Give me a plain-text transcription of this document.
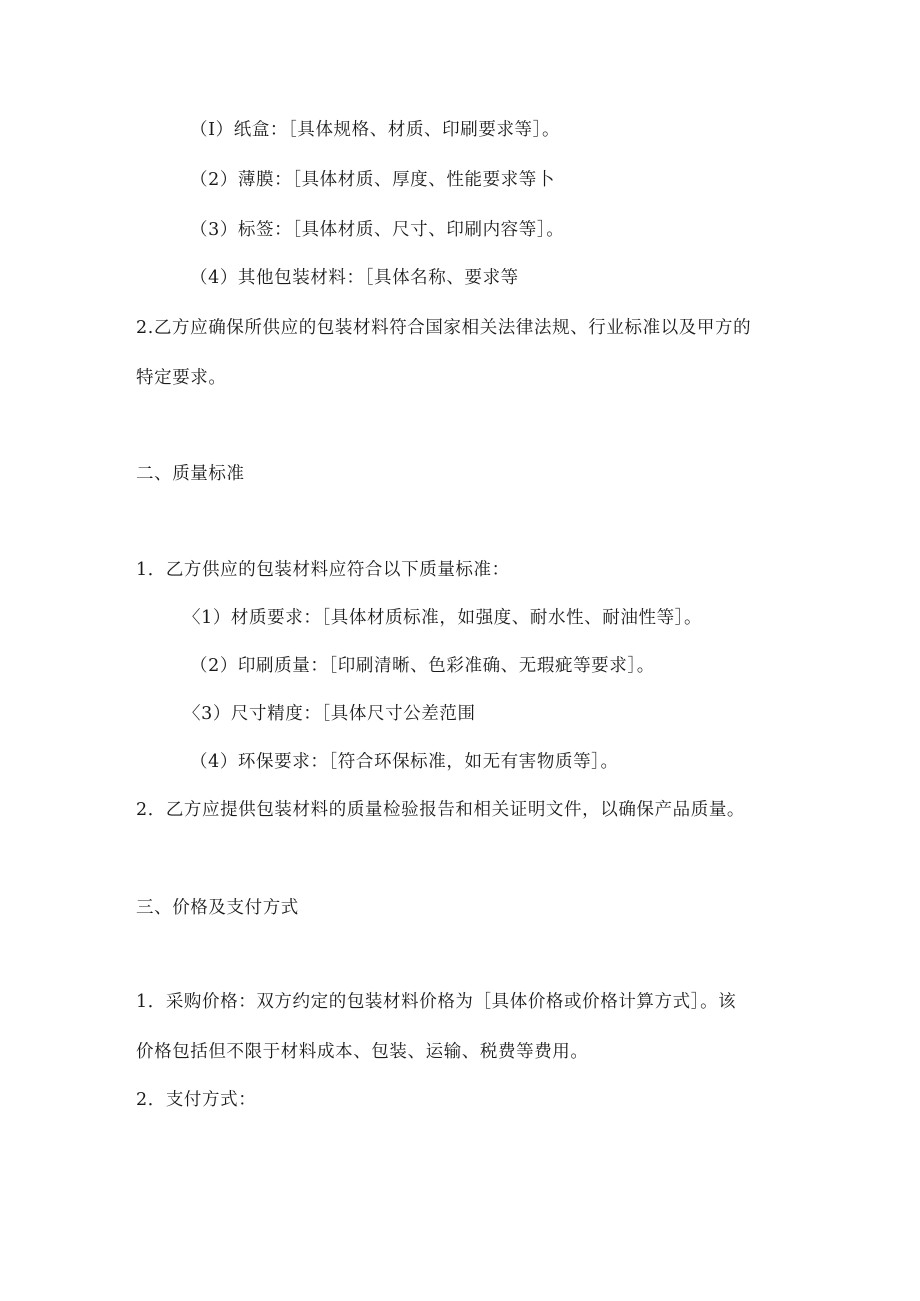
（I）纸盒：［具体规格、材质、印刷要求等］。
（2）薄膜：［具体材质、厚度、性能要求等卜
（3）标签：［具体材质、尺寸、印刷内容等］。
（4）其他包装材料：［具体名称、要求等
2.乙方应确保所供应的包装材料符合国家相关法律法规、行业标准以及甲方的
特定要求。
二、质量标准
1．乙方供应的包装材料应符合以下质量标准：
〈1）材质要求：［具体材质标准，如强度、耐水性、耐油性等］。
（2）印刷质量：［印刷清晰、色彩准确、无瑕疵等要求］。
〈3）尺寸精度：［具体尺寸公差范围
（4）环保要求：［符合环保标准，如无有害物质等］。
2．乙方应提供包装材料的质量检验报告和相关证明文件，以确保产品质量。
三、价格及支付方式
1．采购价格：双方约定的包装材料价格为［具体价格或价格计算方式］。该
价格包括但不限于材料成本、包装、运输、税费等费用。
2．支付方式：
